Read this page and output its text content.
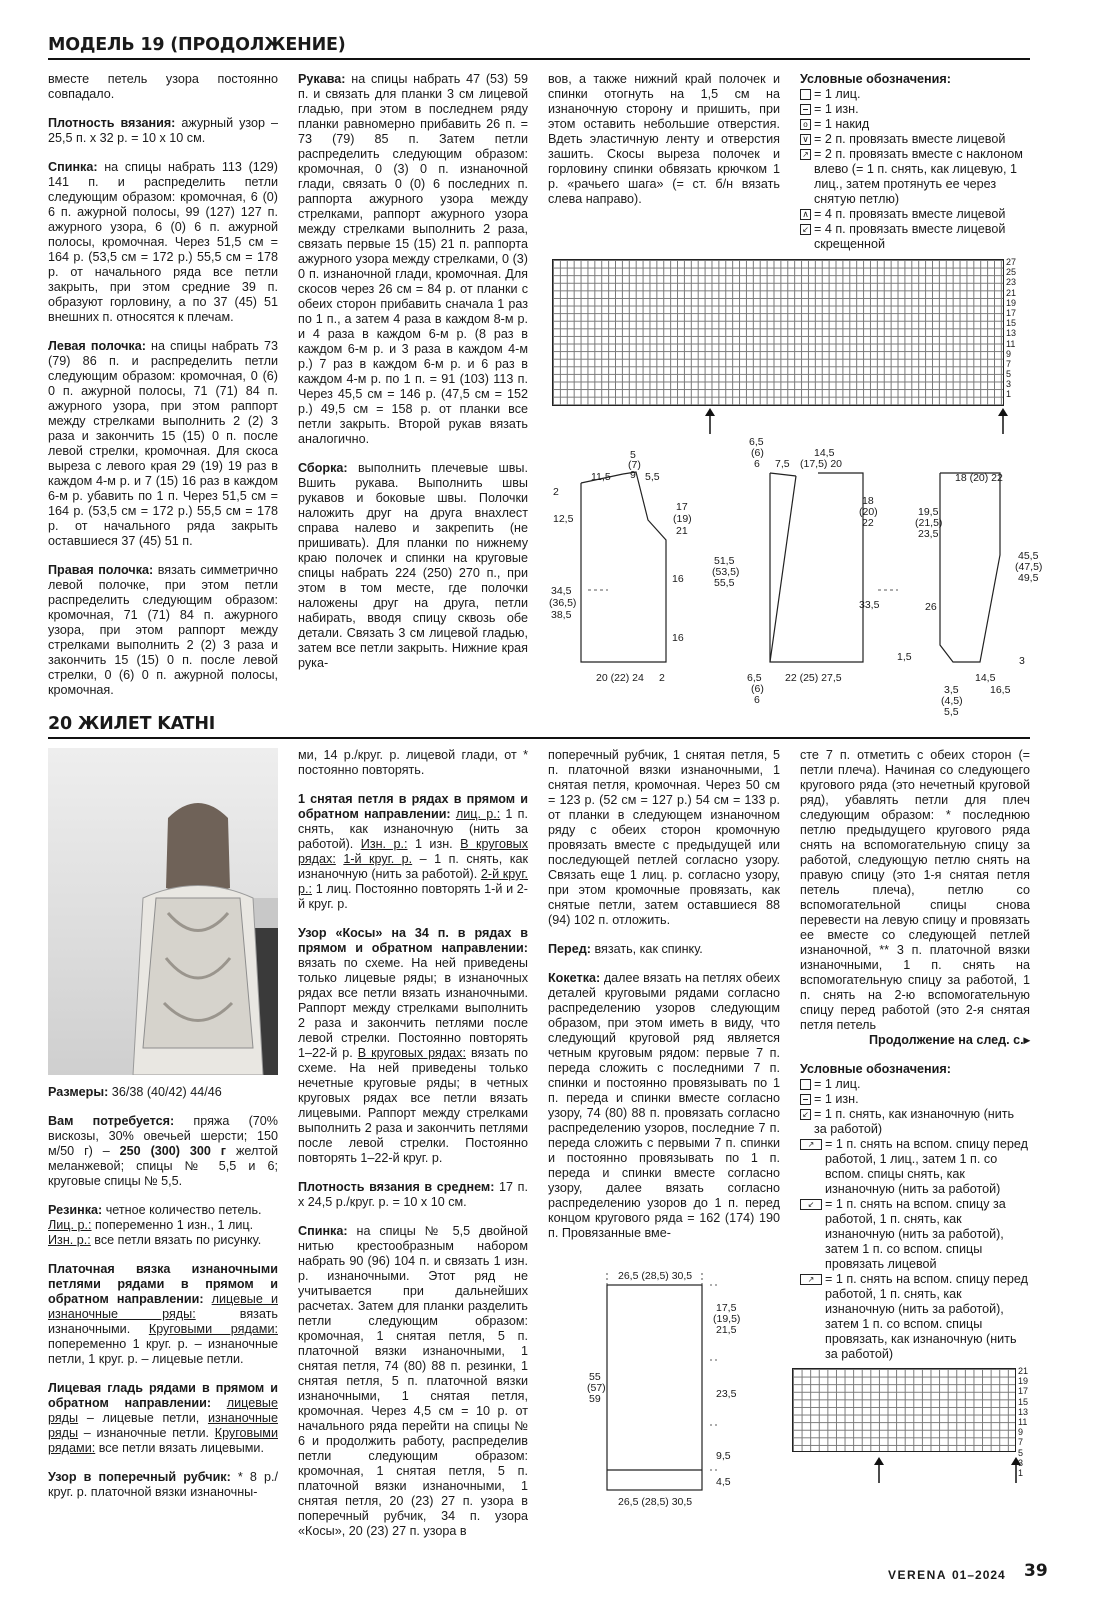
МОДЕЛЬ 19 (ПРОДОЛЖЕНИЕ)

вместе петель узора постоянно совпадало.

Плотность вязания: ажурный узор – 25,5 п. x 32 р. = 10 x 10 см.

Спинка: на спицы набрать 113 (129) 141 п. и распределить петли следующим образом: кромочная, 6 (0) 6 п. ажурной полосы, 99 (127) 127 п. ажурного узора, 6 (0) 6 п. ажурной полосы, кромочная. Через 51,5 см = 164 р. (53,5 см = 172 р.) 55,5 см = 178 р. от начального ряда все петли закрыть, при этом средние 39 п. образуют горловину, а по 37 (45) 51 внешних п. относятся к плечам.

Левая полочка: на спицы набрать 73 (79) 86 п. и распределить петли следующим образом: кромочная, 0 (6) 0 п. ажурной полосы, 71 (71) 84 п. ажурного узора, при этом раппорт между стрелками выполнить 2 (2) 3 раза и закончить 15 (15) 0 п. после левой стрелки, кромочная. Для скоса выреза с левого края 29 (19) 19 раз в каждом 4-м р. и 7 (15) 16 раз в каждом 6-м р. убавить по 1 п. Через 51,5 см = 164 р. (53,5 см = 172 р.) 55,5 см = 178 р. от начального ряда закрыть оставшиеся 37 (45) 51 п.

Правая полочка: вязать симметрично левой полочке, при этом петли распределить следующим образом: кромочная, 71 (71) 84 п. ажурного узора, при этом раппорт между стрелками выполнить 2 (2) 3 раза и закончить 15 (15) 0 п. после левой стрелки, 0 (6) 0 п. ажурной полосы, кромочная.

Рукава: на спицы набрать 47 (53) 59 п. и связать для планки 3 см лицевой гладью, при этом в последнем ряду планки равномерно прибавить 26 п. = 73 (79) 85 п. Затем петли распределить следующим образом: кромочная, 0 (3) 0 п. изнаночной глади, связать 0 (0) 6 последних п. раппорта ажурного узора между стрелками, раппорт ажурного узора между стрелками выполнить 2 раза, связать первые 15 (15) 21 п. раппорта ажурного узора между стрелками, 0 (3) 0 п. изнаночной глади, кромочная. Для скосов через 26 см = 84 р. от планки с обеих сторон прибавить сначала 1 раз по 1 п., а затем 4 раза в каждом 8-м р. и 4 раза в каждом 6-м р. (8 раз в каждом 6-м р. и 3 раза в каждом 4-м р.) 7 раз в каждом 6-м р. и 6 раз в каждом 4-м р. по 1 п. = 91 (103) 113 п. Через 45,5 см = 146 р. (47,5 см = 152 р.) 49,5 см = 158 р. от планки все петли закрыть. Второй рукав вязать аналогично.

Сборка: выполнить плечевые швы. Вшить рукава. Выполнить швы рукавов и боковые швы. Полочки наложить друг на друга внахлест справа налево и закрепить (не пришивать). Для планки по нижнему краю полочек и спинки на круговые спицы набрать 224 (250) 270 п., при этом в том месте, где полочки наложены друг на друга, петли набирать, вводя спицу сквозь обе детали. Связать 3 см лицевой гладью, затем все петли закрыть. Нижние края рука-

вов, а также нижний край полочек и спинки отогнуть на 1,5 см на изнаночную сторону и пришить, при этом оставить небольшие отверстия. Вдеть эластичную ленту и отверстия зашить. Скосы выреза полочек и горловину спинки обвязать крючком 1 р. «рачьего шага» (= ст. б/н вязать слева направо).

Условные обозначения:
= 1 лиц.
= 1 изн.
o
= 1 накид
∨
= 2 п. провязать вместе лицевой
↗
= 2 п. провязать вместе с наклоном влево (= 1 п. снять, как лицевую, 1 лиц., затем протянуть ее через снятую петлю)
∧
= 4 п. провязать вместе лицевой
↙
= 4 п. провязать вместе лицевой скрещенной
27
25
23
21
19
17
15
13
11
9
7
5
3
1
5
(7)
9
11,5	5,5
2
12,5
17
(19)
21
16
16
34,5
(36,5)
38,5
20 (22) 24 2
6,5
(6)
6 7,5
14,5
(17,5) 20
18
(20)
22
51,5
(53,5)
55,5
33,5
6,5
(6)
6
22 (25) 27,5
18 (20) 22
19,5
(21,5)
23,5
45,5
(47,5)
49,5
26
1,5	3
3,5
(4,5)
5,5
14,5
16,5
20 ЖИЛЕТ KATHI

Размеры: 36/38 (40/42) 44/46

Вам потребуется: пряжа (70% вискозы, 30% овечьей шерсти; 150 м/50 г) – 250 (300) 300 г желтой меланжевой; спицы № 5,5 и 6; круговые спицы № 5,5.

Резинка: четное количество петель.
Лиц. р.: попеременно 1 изн., 1 лиц.
Изн. р.: все петли вязать по рисунку.

Платочная вязка изнаночными петлями рядами в прямом и обратном направлении: лицевые и изнаночные ряды: вязать изнаночными. Круговыми рядами: попеременно 1 круг. р. – изнаночные петли, 1 круг. р. – лицевые петли.

Лицевая гладь рядами в прямом и обратном направлении: лицевые ряды – лицевые петли, изнаночные ряды – изнаночные петли. Круговыми рядами: все петли вязать лицевыми.

Узор в поперечный рубчик: * 8 р./круг. р. платочной вязки изнаночны-

ми, 14 р./круг. р. лицевой глади, от * постоянно повторять.

1 снятая петля в рядах в прямом и обратном направлении: лиц. р.: 1 п. снять, как изнаночную (нить за работой). Изн. р.: 1 изн. В круговых рядах: 1-й круг. р. – 1 п. снять, как изнаночную (нить за работой). 2-й круг. р.: 1 лиц. Постоянно повторять 1-й и 2-й круг. р.

Узор «Косы» на 34 п. в рядах в прямом и обратном направлении: вязать по схеме. На ней приведены только лицевые ряды; в изнаночных рядах все петли вязать изнаночными. Раппорт между стрелками выполнить 2 раза и закончить петлями после левой стрелки. Постоянно повторять 1–22-й р. В круговых рядах: вязать по схеме. На ней приведены только нечетные круговые ряды; в четных круговых рядах все петли вязать лицевыми. Раппорт между стрелками выполнить 2 раза и закончить петлями после левой стрелки. Постоянно повторять 1–22-й круг. р.

Плотность вязания в среднем: 17 п. x 24,5 р./круг. р. = 10 x 10 см.

Спинка: на спицы № 5,5 двойной нитью крестообразным набором набрать 90 (96) 104 п. и связать 1 изн. р. изнаночными. Этот ряд не учитывается при дальнейших расчетах. Затем для планки разделить петли следующим образом: кромочная, 1 снятая петля, 5 п. платочной вязки изнаночными, 1 снятая петля, 74 (80) 88 п. резинки, 1 снятая петля, 5 п. платочной вязки изнаночными, 1 снятая петля, кромочная. Через 4,5 см = 10 р. от начального ряда перейти на спицы № 6 и продолжить работу, распределив петли следующим образом: кромочная, 1 снятая петля, 5 п. платочной вязки изнаночными, 1 снятая петля, 20 (23) 27 п. узора в поперечный рубчик, 34 п. узора «Косы», 20 (23) 27 п. узора в

поперечный рубчик, 1 снятая петля, 5 п. платочной вязки изнаночными, 1 снятая петля, кромочная. Через 50 см = 123 р. (52 см = 127 р.) 54 см = 133 р. от планки в следующем изнаночном ряду с обеих сторон кромочную провязать вместе с предыдущей или последующей петлей согласно узору. Связать еще 1 лиц. р. согласно узору, при этом кромочные провязать, как снятые петли, затем оставшиеся 88 (94) 102 п. отложить.

Перед: вязать, как спинку.

Кокетка: далее вязать на петлях обеих деталей круговыми рядами согласно распределению узоров следующим образом, при этом иметь в виду, что следующий круговой ряд является четным круговым рядом: первые 7 п. переда сложить с последними 7 п. спинки и постоянно провязывать по 1 п. переда и спинки вместе согласно узору, 74 (80) 88 п. провязать согласно распределению узоров, последние 7 п. переда сложить с первыми 7 п. спинки и постоянно провязывать по 1 п. переда и спинки вместе согласно узору, далее вязать согласно распределению узоров до 1 п. перед концом кругового ряда = 162 (174) 190 п. Провязанные вме-

26,5 (28,5) 30,5
17,5
(19,5)
21,5
55
(57)
59	23,5
9,5
4,5
26,5 (28,5) 30,5

сте 7 п. отметить с обеих сторон (= петли плеча). Начиная со следующего кругового ряда (это нечетный круговой ряд), убавлять петли для плеч следующим образом: * последнюю петлю предыдущего кругового ряда снять на вспомогательную спицу за работой, следующую петлю снять на правую спицу (это 1-я снятая петля петель плеча), петлю со вспомогательной спицы снова перевести на левую спицу и провязать ее вместе со следующей петлей изнаночной, ** 3 п. платочной вязки изнаночными, 1 п. снять на вспомогательную спицу за работой, 1 п. снять на 2-ю вспомогательную спицу перед работой (это 2-я снятая петля петель

Продолжение на след. с.▸
Условные обозначения:
= 1 лиц.
= 1 изн.
↙
= 1 п. снять, как изнаночную (нить за работой)
↗
= 1 п. снять на вспом. спицу перед работой, 1 лиц., затем 1 п. со вспом. спицы снять, как изнаночную (нить за работой)
↙
= 1 п. снять на вспом. спицу за работой, 1 п. снять, как изнаночную (нить за работой), затем 1 п. со вспом. спицы провязать лицевой
↗
= 1 п. снять на вспом. спицу перед работой, 1 п. снять, как изнаночную (нить за работой), затем 1 п. со вспом. спицы провязать, как изнаночную (нить за работой)
21
19
17
15
13
11
9
7
5
3
1
VERENA 01–2024 39
